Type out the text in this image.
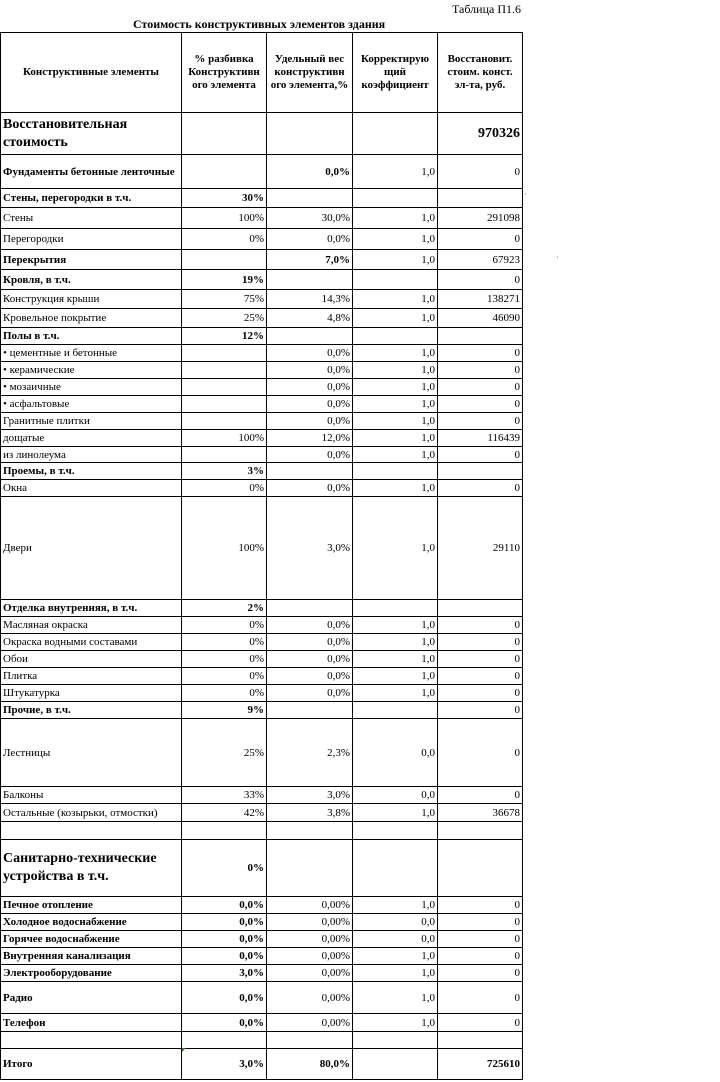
Таблица П1.6
Стоимость конструктивных элементов здания
Конструктивные элементы	% разбивка Конструктивн ого элемента	Удельный вес конструктивн ого элемента,%	Корректирую щий коэффициент	Восстановит. стоим. конст. эл-та, руб.
Восстановительная стоимость				970326
Фундаменты бетонные ленточные		0,0%	1,0	0
Стены, перегородки в т.ч.	30%			
Стены	100%	30,0%	1,0	291098
Перегородки	0%	0,0%	1,0	0
Перекрытия		7,0%	1,0	67923
Кровля, в т.ч.	19%			0
Конструкция крыши	75%	14,3%	1,0	138271
Кровельное покрытие	25%	4,8%	1,0	46090
Полы в т.ч.	12%			
• цементные и бетонные		0,0%	1,0	0
• керамические		0,0%	1,0	0
• мозаичные		0,0%	1,0	0
• асфальтовые		0,0%	1,0	0
Гранитные плитки		0,0%	1,0	0
дощатые	100%	12,0%	1,0	116439
из линолеума		0,0%	1,0	0
Проемы, в т.ч.	3%			
Окна	0%	0,0%	1,0	0
Двери	100%	3,0%	1,0	29110
Отделка внутренняя, в т.ч.	2%			
Масляная окраска	0%	0,0%	1,0	0
Окраска водными составами	0%	0,0%	1,0	0
Обои	0%	0,0%	1,0	0
Плитка	0%	0,0%	1,0	0
Штукатурка	0%	0,0%	1,0	0
Прочие, в т.ч.	9%			0
Лестницы	25%	2,3%	0,0	0
Балконы	33%	3,0%	0,0	0
Остальные (козырьки, отмостки)	42%	3,8%	1,0	36678

Санитарно-технические устройства в т.ч.	0%			
Печное отопление	0,0%	0,00%	1,0	0
Холодное водоснабжение	0,0%	0,00%	0,0	0
Горячее водоснабжение	0,0%	0,00%	0,0	0
Внутренняя канализация	0,0%	0,00%	1,0	0
Электрооборудование	3,0%	0,00%	1,0	0
Радио	0,0%	0,00%	1,0	0
Телефон	0,0%	0,00%	1,0	0

Итого	3,0%	80,0%		725610
·
·
